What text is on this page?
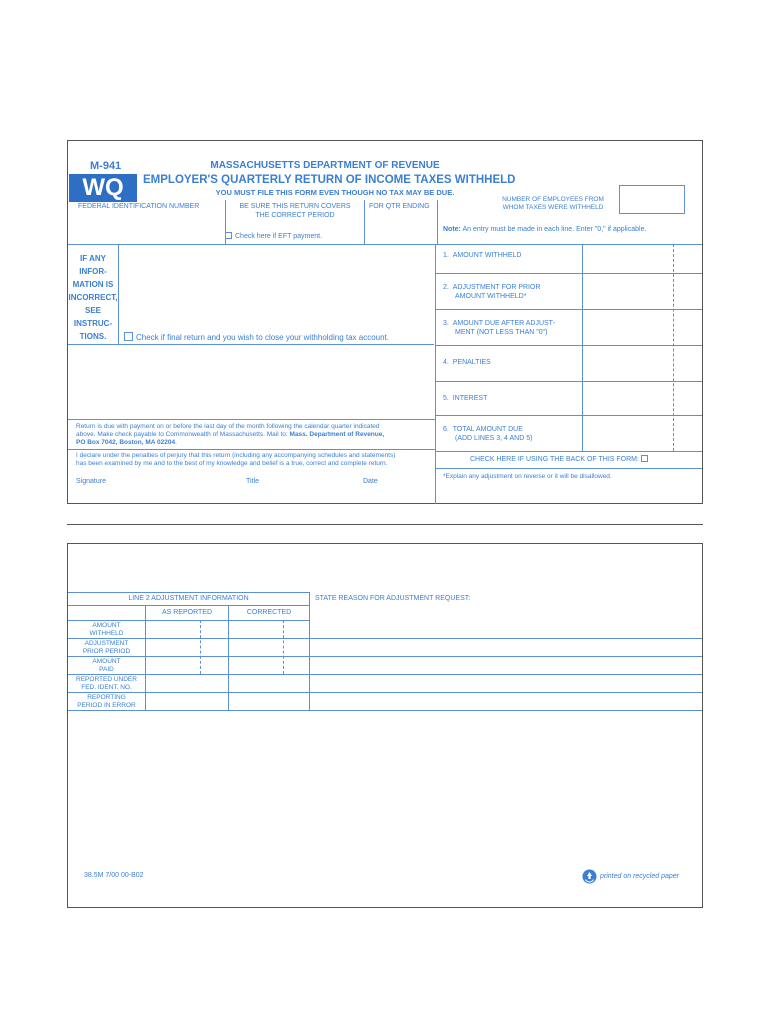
M-941
WQ
MASSACHUSETTS DEPARTMENT OF REVENUE
EMPLOYER'S QUARTERLY RETURN OF INCOME TAXES WITHHELD
YOU MUST FILE THIS FORM EVEN THOUGH NO TAX MAY BE DUE.
FEDERAL IDENTIFICATION NUMBER	BE SURE THIS RETURN COVERS
THE CORRECT PERIOD
FOR QTR ENDING
NUMBER OF EMPLOYEES FROM
WHOM TAXES WERE WITHHELD
Check here if EFT payment.
Note: An entry must be made in each line. Enter "0," if applicable.
IF ANY
INFOR-
MATION IS
INCORRECT,
SEE
INSTRUC-
TIONS.	Check if final return and you wish to close your withholding tax account.
1. AMOUNT WITHHELD
2. ADJUSTMENT FOR PRIOR
AMOUNT WITHHELD*
3. AMOUNT DUE AFTER ADJUST-
MENT (NOT LESS THAN "0")
4. PENALTIES
5. INTEREST
6. TOTAL AMOUNT DUE
(ADD LINES 3, 4 AND 5)
Return is due with payment on or before the last day of the month following the calendar quarter indicated
above. Make check payable to Commonwealth of Massachusetts. Mail to: Mass. Department of Revenue,
PO Box 7042, Boston, MA 02204.
I declare under the penalties of perjury that this return (including any accompanying schedules and statements)
has been examined by me and to the best of my knowledge and belief is a true, correct and complete return.
Signature	Title	Date
CHECK HERE IF USING THE BACK OF THIS FORM:
*Explain any adjustment on reverse or it will be disallowed.
LINE 2 ADJUSTMENT INFORMATION	STATE REASON FOR ADJUSTMENT REQUEST:
AS REPORTED	CORRECTED
AMOUNT
WITHHELD
ADJUSTMENT
PRIOR PERIOD
AMOUNT
PAID
REPORTED UNDER
FED. IDENT. NO.
REPORTING
PERIOD IN ERROR
38.5M 7/00 00-B02	printed on recycled paper
